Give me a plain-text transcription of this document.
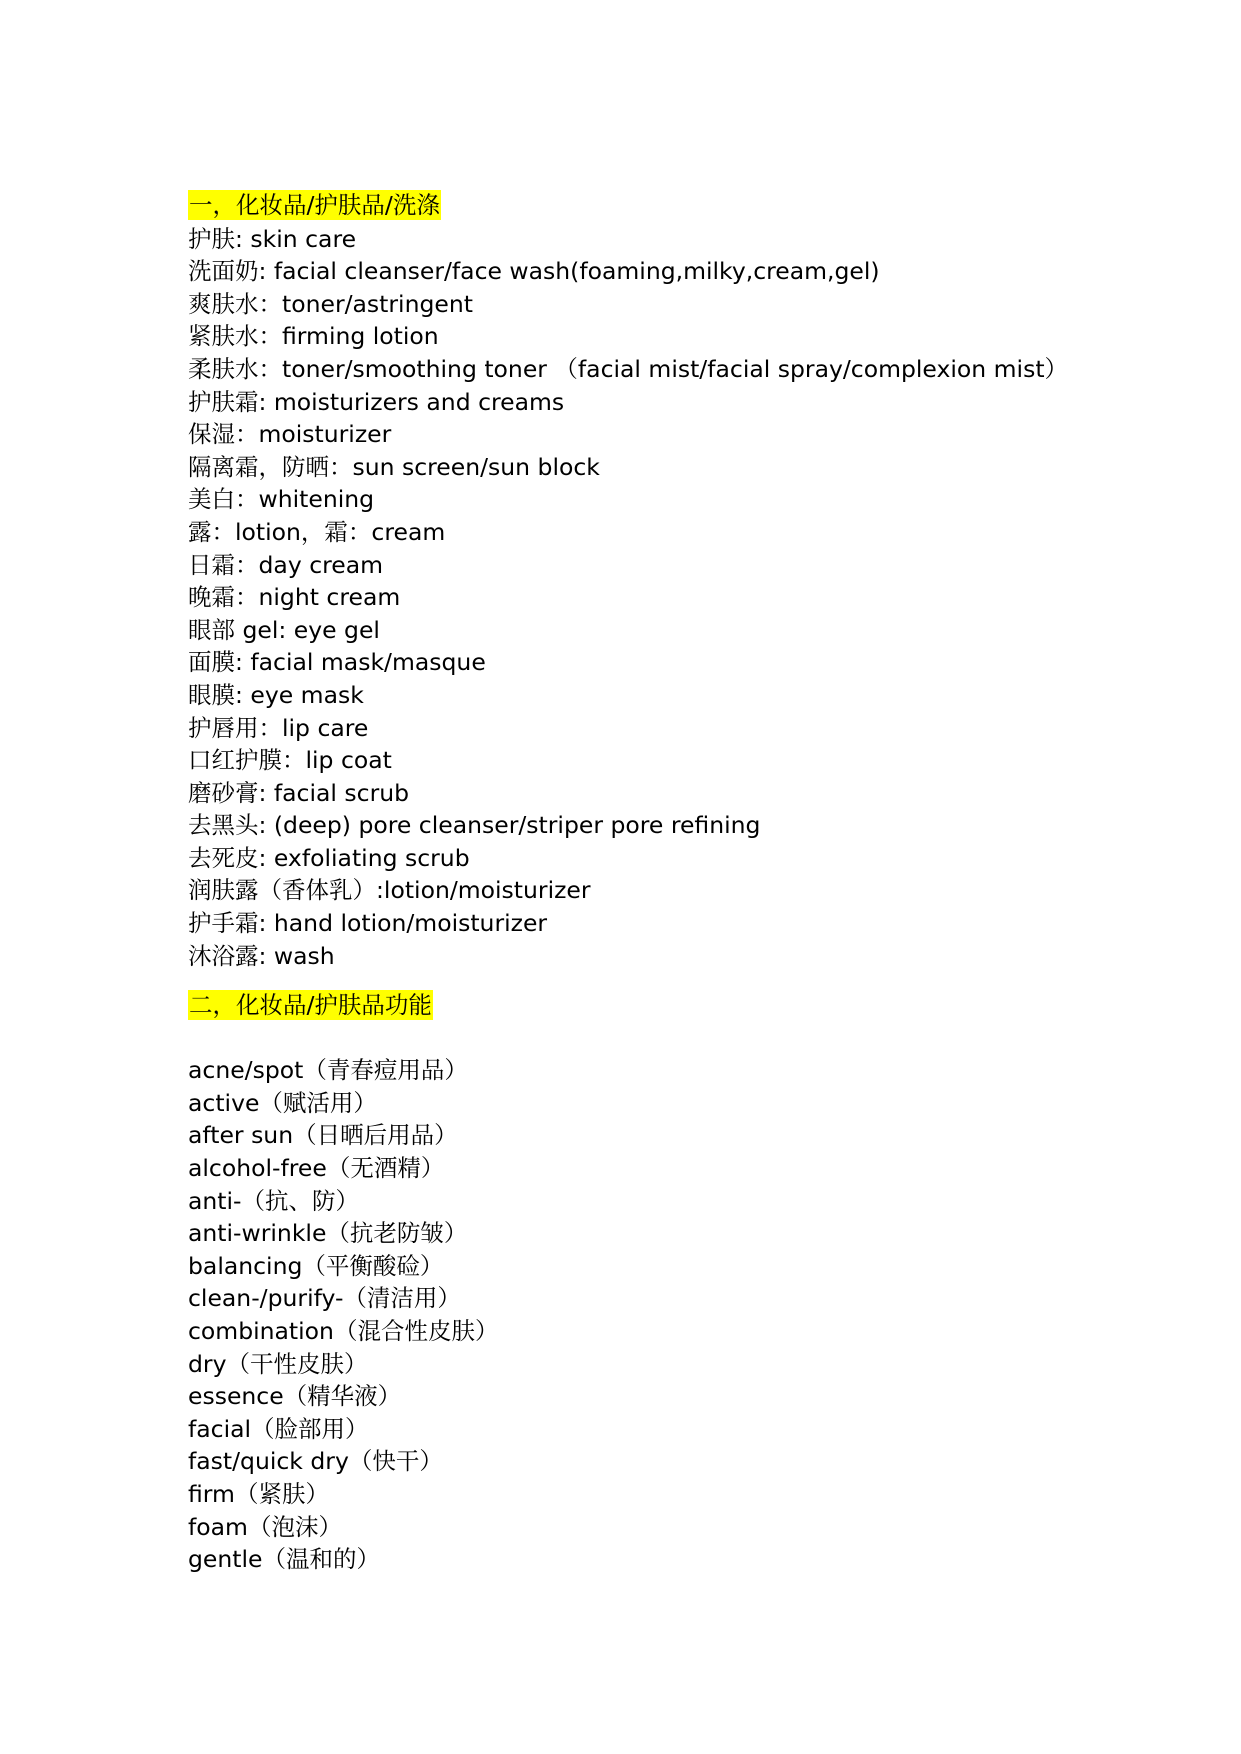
一，化妆品/护肤品/洗涤
护肤: skin care
洗面奶: facial cleanser/face wash(foaming,milky,cream,gel)
爽肤水：toner/astringent
紧肤水：firming lotion
柔肤水：toner/smoothing toner （facial mist/facial spray/complexion mist）
护肤霜: moisturizers and creams
保湿：moisturizer
隔离霜，防晒：sun screen/sun block
美白：whitening
露：lotion，霜：cream
日霜：day cream
晚霜：night cream
眼部 gel: eye gel
面膜: facial mask/masque
眼膜: eye mask
护唇用：lip care
口红护膜：lip coat
磨砂膏: facial scrub
去黑头: (deep) pore cleanser/striper pore refining
去死皮: exfoliating scrub
润肤露（香体乳）:lotion/moisturizer
护手霜: hand lotion/moisturizer
沐浴露: wash
二，化妆品/护肤品功能
acne/spot（青春痘用品）
active（赋活用）
after sun（日晒后用品）
alcohol-free（无酒精）
anti-（抗、防）
anti-wrinkle（抗老防皱）
balancing（平衡酸硷）
clean-/purify-（清洁用）
combination（混合性皮肤）
dry（干性皮肤）
essence（精华液）
facial（脸部用）
fast/quick dry（快干）
firm（紧肤）
foam（泡沫）
gentle（温和的）
